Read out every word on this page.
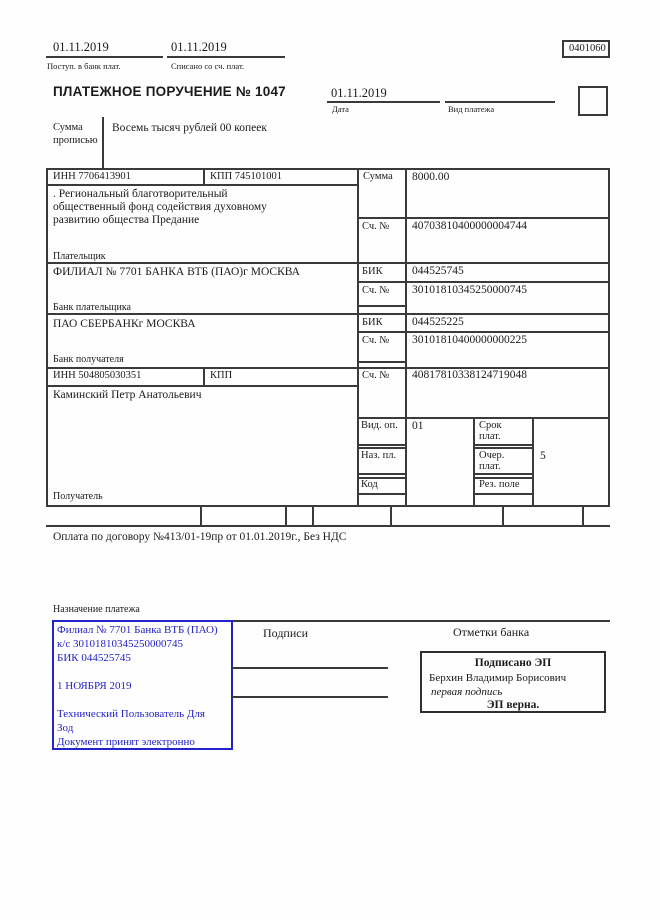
01.11.2019
Поступ. в банк плат.
01.11.2019
Списано со сч. плат.
0401060
ПЛАТЕЖНОЕ ПОРУЧЕНИЕ № 1047	01.11.2019
Дата	Вид платежа
Сумма
прописью
Восемь тысяч рублей 00 копеек
ИНН 7706413901	КПП 745101001	Сумма 8000.00
. Региональный благотворительный
общественный фонд содействия духовному
развитию общества Предание
Сч. № 40703810400000004744
Плательщик
ФИЛИАЛ № 7701 БАНКА ВТБ (ПАО)г МОСКВА	БИК	044525745
Сч. № 30101810345250000745
Банк плательщика
ПАО СБЕРБАНКг МОСКВА	БИК	044525225
Сч. № 30101810400000000225
Банк получателя
ИНН 504805030351	КПП	Сч. № 40817810338124719048
Каминский Петр Анатольевич
Вид. оп. 01	Срок
плат.
Наз. пл.	Очер.
плат.
5
Код	Рез. поле
Получатель
Оплата по договору №413/01-19пр от 01.01.2019г., Без НДС
Назначение платежа
Филиал № 7701 Банка ВТБ (ПАО)
к/с 30101810345250000745
БИК 044525745
1 НОЯБРЯ 2019
Технический Пользователь Для
Зод
Документ принят электронно
Подписи	Отметки банка
Подписано ЭП
Берхин Владимир Борисович
первая подпись
ЭП верна.
